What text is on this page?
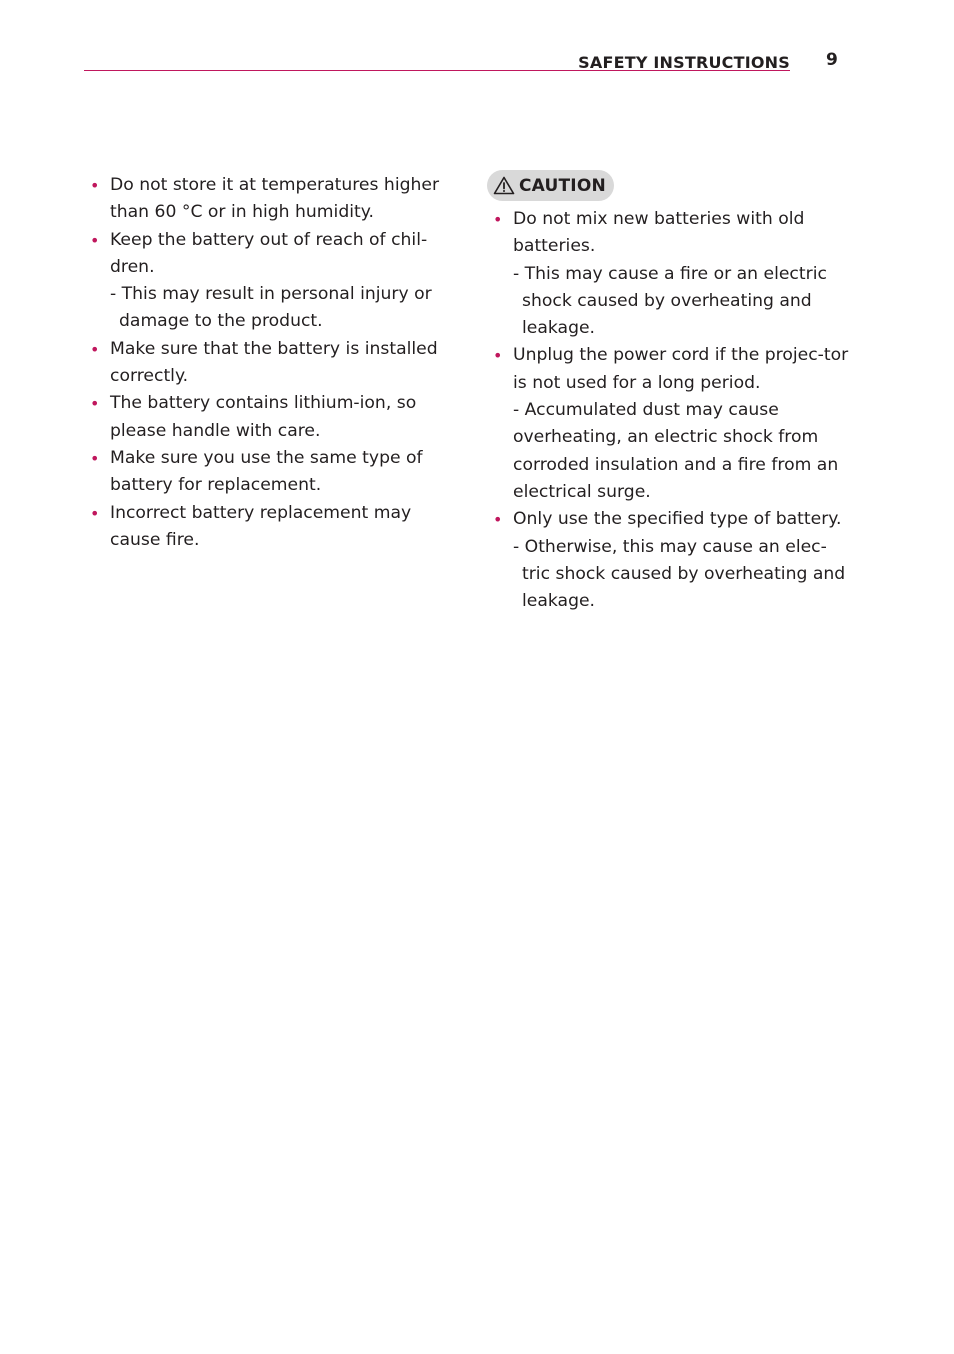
SAFETY INSTRUCTIONS 9
• Do not store it at temperatures higher than 60 °C or in high humidity.
• Keep the battery out of reach of chil-dren.
- This may result in personal injury or damage to the product.
• Make sure that the battery is installed correctly.
• The battery contains lithium-ion, so please handle with care.
• Make sure you use the same type of battery for replacement.
• Incorrect battery replacement may cause fire.
CAUTION
• Do not mix new batteries with old batteries.
- This may cause a fire or an electric shock caused by overheating and leakage.
• Unplug the power cord if the projec-tor is not used for a long period.
- Accumulated dust may cause overheating, an electric shock from corroded insulation and a fire from an electrical surge.
• Only use the specified type of battery.
- Otherwise, this may cause an elec-tric shock caused by overheating and leakage.
